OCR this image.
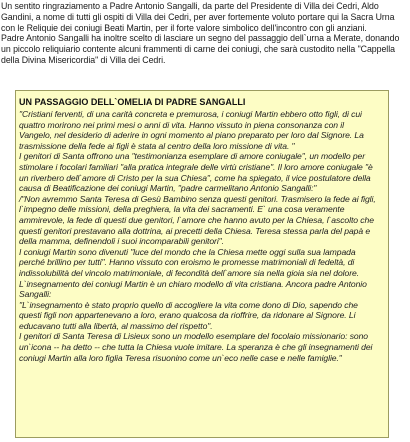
Un sentito ringraziamento a Padre Antonio Sangalli, da parte del Presidente di Villa dei Cedri, Aldo Gandini, a nome di tutti gli ospiti di Villa dei Cedri, per aver fortemente voluto portare qui la Sacra Urna con le Reliquie dei coniugi Beati Martin, per il forte valore simbolico dell'incontro con gli anziani.

Padre Antonio Sangalli ha inoltre scelto di lasciare un segno del passaggio dell`urna a Merate, donando un piccolo reliquiario contente alcuni frammenti di carne dei coniugi, che sarà custodito nella "Cappella della Divina Misericordia" di Villa dei Cedri.

UN PASSAGGIO DELL`OMELIA DI PADRE SANGALLI
"Cristiani ferventi, di una carità concreta e premurosa, i coniugi Martin ebbero otto figli, di cui quattro morirono nei primi mesi o anni di vita. Hanno vissuto in piena consonanza con il Vangelo, nel desiderio di aderire in ogni momento al piano preparato per loro dal Signore. La trasmissione della fede ai figli è stata al centro della loro missione di vita. "
I genitori di Santa offrono una "testimonianza esemplare di amore coniugale", un modello per stimolare i focolari familiari "alla pratica integrale delle virtù cristiane". Il loro amore coniugale "è un riverbero dell`amore di Cristo per la sua Chiesa", come ha spiegato, il vice postulatore della causa di Beatificazione dei coniugi Martin, "padre carmelitano Antonio Sangalli:"
/"Non avremmo Santa Teresa di Gesù Bambino senza questi genitori. Trasmisero la fede ai figli, l`impegno delle missioni, della preghiera, la vita dei sacramenti. E` una cosa veramente ammirevole, la fede di questi due genitori, l`amore che hanno avuto per la Chiesa, l`ascolto che questi genitori prestavano alla dottrina, ai precetti della Chiesa. Teresa stessa parla del papà e della mamma, definendoli i suoi incomparabili genitori".
I coniugi Martin sono divenuti "luce del mondo che la Chiesa mette oggi sulla sua lampada perché brillino per tutti". Hanno vissuto con eroismo le promesse matrimoniali di fedeltà, di indissolubilità del vincolo matrimoniale, di fecondità dell`amore sia nella gioia sia nel dolore. L`insegnamento dei coniugi Martin è un chiaro modello di vita cristiana. Ancora padre Antonio Sangalli:
"L`insegnamento è stato proprio quello di accogliere la vita come dono di Dio, sapendo che questi figli non appartenevano a loro, erano qualcosa da rioffrire, da ridonare al Signore. Li educavano tutti alla libertà, al massimo del rispetto".
I genitori di Santa Teresa di Lisieux sono un modello esemplare del focolaio missionario: sono un`icona -- ha detto -- che tutta la Chiesa vuole imitare. La speranza è che gli insegnamenti dei coniugi Martin alla loro figlia Teresa risuonino come un`eco nelle case e nelle famiglie."
